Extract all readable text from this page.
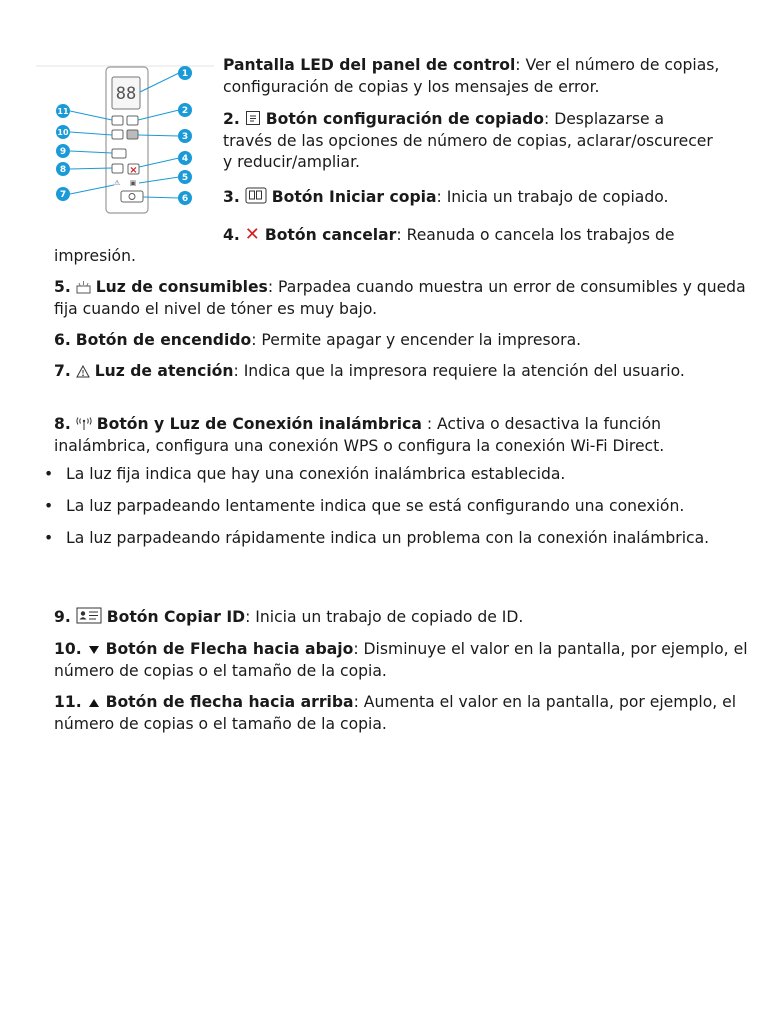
88
×
⚠ ▣
1
2
3
4
5
6
7
8
9
10
11
Pantalla LED del panel de control: Ver el número de copias, configuración de copias y los mensajes de error.
2. Botón configuración de copiado: Desplazarse a través de las opciones de número de copias, aclarar/oscurecer y reducir/ampliar.
3. Botón Iniciar copia: Inicia un trabajo de copiado.
4. ✕ Botón cancelar: Reanuda o cancela los trabajos de
impresión.
5. Luz de consumibles: Parpadea cuando muestra un error de consumibles y queda fija cuando el nivel de tóner es muy bajo.
6. Botón de encendido: Permite apagar y encender la impresora.
7. Luz de atención: Indica que la impresora requiere la atención del usuario.
8. Botón y Luz de Conexión inalámbrica : Activa o desactiva la función inalámbrica, configura una conexión WPS o configura la conexión Wi-Fi Direct.
• La luz fija indica que hay una conexión inalámbrica establecida.
• La luz parpadeando lentamente indica que se está configurando una conexión.
• La luz parpadeando rápidamente indica un problema con la conexión inalámbrica.
9. Botón Copiar ID: Inicia un trabajo de copiado de ID.
10. Botón de Flecha hacia abajo: Disminuye el valor en la pantalla, por ejemplo, el número de copias o el tamaño de la copia.
11. Botón de flecha hacia arriba: Aumenta el valor en la pantalla, por ejemplo, el número de copias o el tamaño de la copia.
